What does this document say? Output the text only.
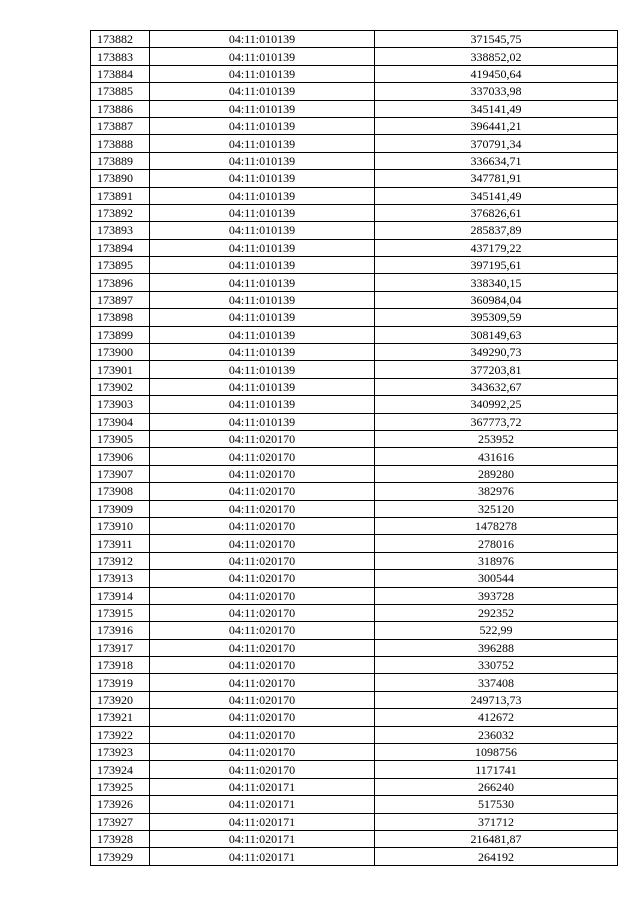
173882	04:11:010139	371545,75
173883	04:11:010139	338852,02
173884	04:11:010139	419450,64
173885	04:11:010139	337033,98
173886	04:11:010139	345141,49
173887	04:11:010139	396441,21
173888	04:11:010139	370791,34
173889	04:11:010139	336634,71
173890	04:11:010139	347781,91
173891	04:11:010139	345141,49
173892	04:11:010139	376826,61
173893	04:11:010139	285837,89
173894	04:11:010139	437179,22
173895	04:11:010139	397195,61
173896	04:11:010139	338340,15
173897	04:11:010139	360984,04
173898	04:11:010139	395309,59
173899	04:11:010139	308149,63
173900	04:11:010139	349290,73
173901	04:11:010139	377203,81
173902	04:11:010139	343632,67
173903	04:11:010139	340992,25
173904	04:11:010139	367773,72
173905	04:11:020170	253952
173906	04:11:020170	431616
173907	04:11:020170	289280
173908	04:11:020170	382976
173909	04:11:020170	325120
173910	04:11:020170	1478278
173911	04:11:020170	278016
173912	04:11:020170	318976
173913	04:11:020170	300544
173914	04:11:020170	393728
173915	04:11:020170	292352
173916	04:11:020170	522,99
173917	04:11:020170	396288
173918	04:11:020170	330752
173919	04:11:020170	337408
173920	04:11:020170	249713,73
173921	04:11:020170	412672
173922	04:11:020170	236032
173923	04:11:020170	1098756
173924	04:11:020170	1171741
173925	04:11:020171	266240
173926	04:11:020171	517530
173927	04:11:020171	371712
173928	04:11:020171	216481,87
173929	04:11:020171	264192
